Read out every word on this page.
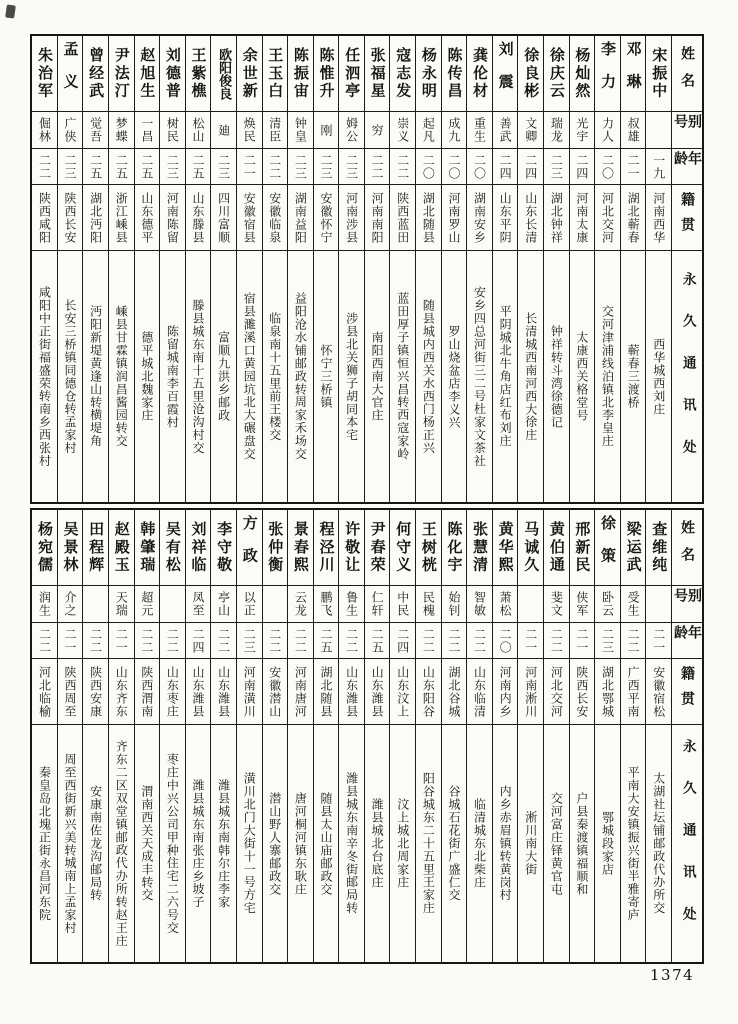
姓名
别号
年龄
籍贯
永久通讯处
宋振中
一九
河南西华
西华城西刘庄
邓琳
叔雄
二一
湖北蕲春
蕲春三渡桥
李力
力人
二〇
河北交河
交河津浦线泊镇北李皇庄
杨灿然
光宇
二四
河南太康
太康西关格堂号
徐庆云
瑞龙
二三
湖北钟祥
钟祥转斗湾徐德记
徐良彬
文卿
二四
山东长清
长清城西南河西大徐庄
刘震
善武
二四
山东平阴
平阴城北牛角店红布刘庄
龚伦材
重生
二〇
湖南安乡
安乡四总河街三二号杜家文茶社
陈传昌
成九
二〇
河南罗山
罗山烧盆店李义兴
杨永明
起凡
二〇
湖北随县
随县城内西关水西门杨正兴
寇志发
崇义
二二
陕西蓝田
蓝田厚子镇恒兴昌转西寇家岭
张福星
穷
二二
河南南阳
南阳西南大官庄
任泗亭
姆公
二三
河南涉县
涉县北关狮子胡同本宅
陈惟升
刚
二三
安徽怀宁
怀宁三桥镇
陈振宙
钟皇
二三
湖南益阳
益阳沧水铺邮政转周家禾场交
王玉白
清臣
二二
安徽临泉
临泉南十五里前王楼交
余世新
焕民
二一
安徽宿县
宿县濉溪口黄园坑北大碾盘交
欧阳俊良
廸
二三
四川富顺
富顺九洪乡邮政
王紫樵
松山
二五
山东滕县
滕县城东南十五里沧沟村交
刘德普
树民
二三
河南陈留
陈留城南李百霞村
赵旭生
一昌
二五
山东德平
德平城北魏家庄
尹法汀
梦蝶
二五
浙江嵊县
嵊县甘霖镇润昌酱园转交
曾经武
觉吾
二五
湖北沔阳
沔阳新堤黄逢山转横堤角
孟义
广侠
二三
陕西长安
长安三桥镇同德仓转孟家村
朱治军
倔林
二二
陕西咸阳
咸阳中正街福盛荣转南乡西张村
姓名
别号
年龄
籍贯
永久通讯处
查维纯
二一
安徽宿松
太湖社坛铺邮政代办所交
梁运武
受生
二二
广西平南
平南大安镇振兴街半雅寄庐
徐策
卧云
二三
湖北鄂城
鄂城段家店
邢新民
侠军
二一
陕西长安
户县秦渡镇福顺和
黄伯通
斐文
二二
河北交河
交河富庄铎黄官屯
马诚久
二一
河南淅川
淅川南大街
黄华熙
萧松
二〇
河南内乡
内乡赤眉镇转黄岗村
张慧清
智敏
二二
山东临清
临清城东北柴庄
陈化宇
始钊
二二
湖北谷城
谷城石花街广盛仁交
王树桄
民槐
二二
山东阳谷
阳谷城东二十五里王家庄
何守义
中民
二四
山东汶上
汶上城北周家庄
尹春荣
仁轩
二五
山东潍县
潍县城北台底庄
许敬让
鲁生
二二
山东潍县
潍县城东南辛冬街邮局转
程泾川
鹏飞
二五
湖北随县
随县太山庙邮政交
景春熙
云龙
二二
河南唐河
唐河桐河镇东耿庄
张仲衡
二二
安徽潜山
潜山野人寨邮政交
方政
以正
二三
河南潢川
潢川北门大街十一号方宅
李守敬
亭山
二二
山东潍县
潍县城东南韩尔庄李家
刘祥临
凤至
二四
山东潍县
潍县城东南张庄乡坡子
吴有松
二二
山东枣庄
枣庄中兴公司甲种住宅二六号交
韩肇瑞
超元
二二
陕西渭南
渭南西关天成丰转交
赵殿玉
天瑞
二一
山东齐东
齐东二区双堂镇邮政代办所转赵王庄
田程辉
二二
陕西安康
安康南佐龙沟邮局转
吴景林
介之
二一
陕西周至
周至西街新兴美转城南上孟家村
杨宛儒
润生
二二
河北临榆
秦皇岛北塊正街永昌河东院
1374
